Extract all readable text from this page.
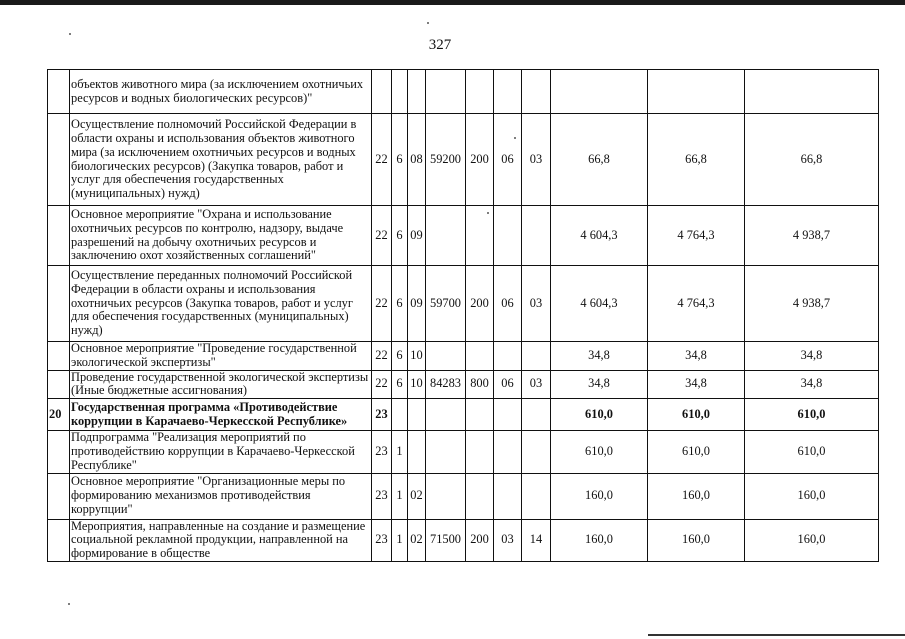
327
	объектов животного мира (за исключением охотничьих ресурсов и водных биологических ресурсов)"										
	Осуществление полномочий Российской Федерации в области охраны и использования объектов животного мира (за исключением охотничьих ресурсов и водных биологических ресурсов) (Закупка товаров, работ и услуг для обеспечения государственных (муниципальных) нужд)	22	6	08	59200	200	06	03	66,8	66,8	66,8
	Основное мероприятие "Охрана и использование охотничьих ресурсов по контролю, надзору, выдаче разрешений на добычу охотничьих ресурсов и заключению охот хозяйственных соглашений"	22	6	09					4 604,3	4 764,3	4 938,7
	Осуществление переданных полномочий Российской Федерации в области охраны и использования охотничьих ресурсов (Закупка товаров, работ и услуг для обеспечения государственных (муниципальных) нужд)	22	6	09	59700	200	06	03	4 604,3	4 764,3	4 938,7
	Основное мероприятие "Проведение государственной экологической экспертизы"	22	6	10					34,8	34,8	34,8
	Проведение государственной экологической экспертизы (Иные бюджетные ассигнования)	22	6	10	84283	800	06	03	34,8	34,8	34,8
20	Государственная программа «Противодействие коррупции в Карачаево-Черкесской Республике»	23							610,0	610,0	610,0
	Подпрограмма "Реализация мероприятий по противодействию коррупции в Карачаево-Черкесской Республике"	23	1						610,0	610,0	610,0
	Основное мероприятие "Организационные меры по формированию механизмов противодействия коррупции"	23	1	02					160,0	160,0	160,0
	Мероприятия, направленные на создание и размещение социальной рекламной продукции, направленной на формирование в обществе	23	1	02	71500	200	03	14	160,0	160,0	160,0
